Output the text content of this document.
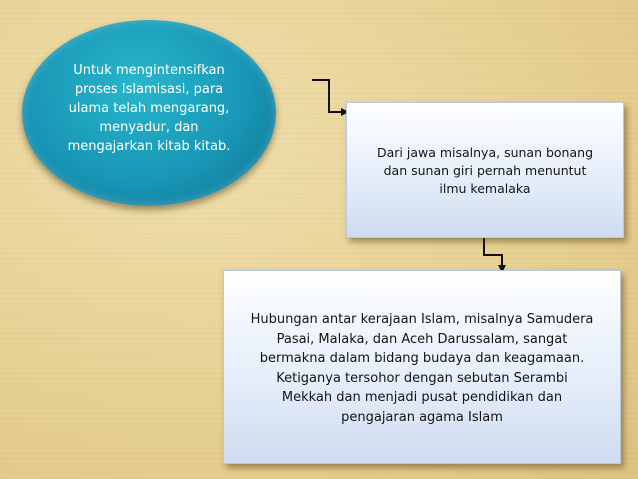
Untuk mengintensifkan
proses Islamisasi, para
ulama telah mengarang,
menyadur, dan
mengajarkan kitab kitab.	Dari jawa misalnya, sunan bonang
dan sunan giri pernah menuntut
ilmu kemalaka

Hubungan antar kerajaan Islam, misalnya Samudera
Pasai, Malaka, dan Aceh Darussalam, sangat
bermakna dalam bidang budaya dan keagamaan.
Ketiganya tersohor dengan sebutan Serambi
Mekkah dan menjadi pusat pendidikan dan
pengajaran agama Islam
